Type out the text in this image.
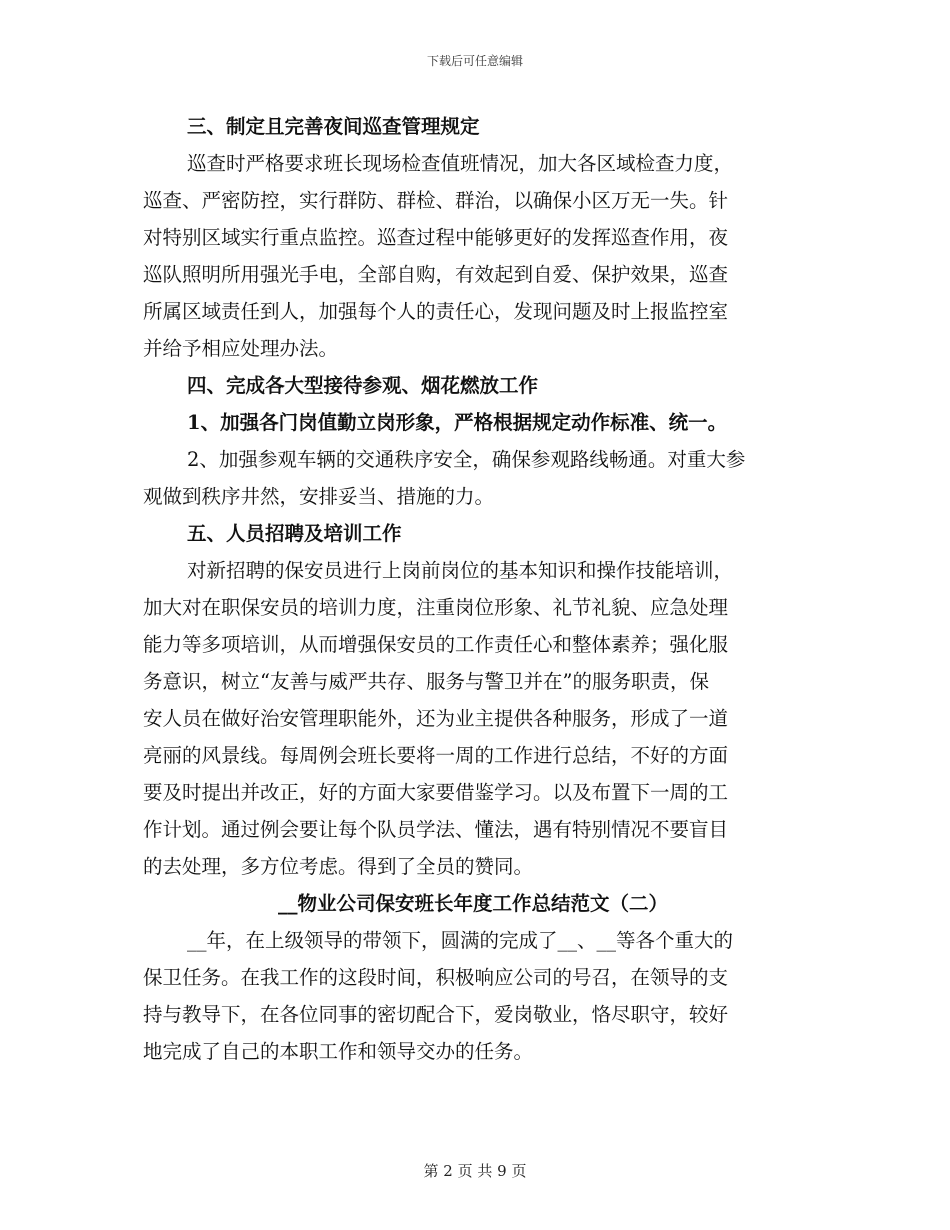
下载后可任意编辑
三、制定且完善夜间巡查管理规定
巡查时严格要求班长现场检查值班情况，加大各区域检查力度，
巡查、严密防控，实行群防、群检、群治，以确保小区万无一失。针
对特别区域实行重点监控。巡查过程中能够更好的发挥巡查作用，夜
巡队照明所用强光手电，全部自购，有效起到自爱、保护效果，巡查
所属区域责任到人，加强每个人的责任心，发现问题及时上报监控室
并给予相应处理办法。
四、完成各大型接待参观、烟花燃放工作
1、加强各门岗值勤立岗形象，严格根据规定动作标准、统一。
2、加强参观车辆的交通秩序安全，确保参观路线畅通。对重大参
观做到秩序井然，安排妥当、措施的力。
五、人员招聘及培训工作
对新招聘的保安员进行上岗前岗位的基本知识和操作技能培训，
加大对在职保安员的培训力度，注重岗位形象、礼节礼貌、应急处理
能力等多项培训，从而增强保安员的工作责任心和整体素养；强化服
务意识，树立“友善与威严共存、服务与警卫并在”的服务职责，保
安人员在做好治安管理职能外，还为业主提供各种服务，形成了一道
亮丽的风景线。每周例会班长要将一周的工作进行总结，不好的方面
要及时提出并改正，好的方面大家要借鉴学习。以及布置下一周的工
作计划。通过例会要让每个队员学法、懂法，遇有特别情况不要盲目
的去处理，多方位考虑。得到了全员的赞同。
__物业公司保安班长年度工作总结范文（二）
__年，在上级领导的带领下，圆满的完成了__、__等各个重大的
保卫任务。在我工作的这段时间，积极响应公司的号召，在领导的支
持与教导下，在各位同事的密切配合下，爱岗敬业，恪尽职守，较好
地完成了自己的本职工作和领导交办的任务。
第 2 页 共 9 页
